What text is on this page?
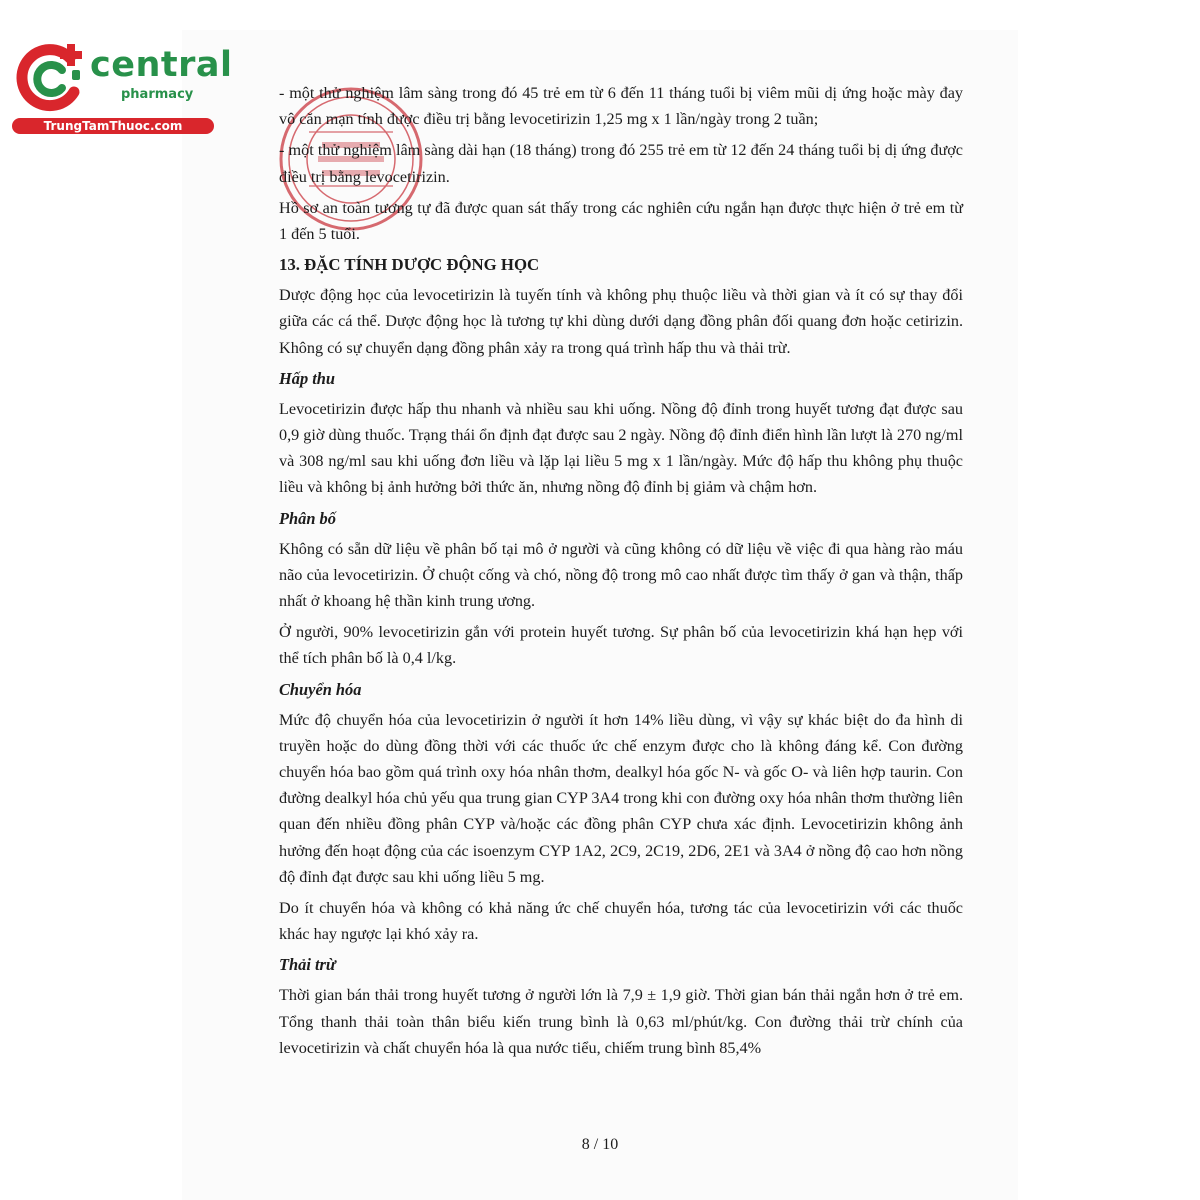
central
pharmacy
TrungTamThuoc.com

- một thử nghiệm lâm sàng trong đó 45 trẻ em từ 6 đến 11 tháng tuổi bị viêm mũi dị ứng hoặc mày đay vô căn mạn tính được điều trị bằng levocetirizin 1,25 mg x 1 lần/ngày trong 2 tuần;

- một thử nghiệm lâm sàng dài hạn (18 tháng) trong đó 255 trẻ em từ 12 đến 24 tháng tuổi bị dị ứng được điều trị bằng levocetirizin.

Hồ sơ an toàn tương tự đã được quan sát thấy trong các nghiên cứu ngắn hạn được thực hiện ở trẻ em từ 1 đến 5 tuổi.

13. ĐẶC TÍNH DƯỢC ĐỘNG HỌC

Dược động học của levocetirizin là tuyến tính và không phụ thuộc liều và thời gian và ít có sự thay đổi giữa các cá thể. Dược động học là tương tự khi dùng dưới dạng đồng phân đối quang đơn hoặc cetirizin. Không có sự chuyển dạng đồng phân xảy ra trong quá trình hấp thu và thải trừ.

Hấp thu

Levocetirizin được hấp thu nhanh và nhiều sau khi uống. Nồng độ đỉnh trong huyết tương đạt được sau 0,9 giờ dùng thuốc. Trạng thái ổn định đạt được sau 2 ngày. Nồng độ đỉnh điển hình lần lượt là 270 ng/ml và 308 ng/ml sau khi uống đơn liều và lặp lại liều 5 mg x 1 lần/ngày. Mức độ hấp thu không phụ thuộc liều và không bị ảnh hưởng bởi thức ăn, nhưng nồng độ đỉnh bị giảm và chậm hơn.

Phân bố

Không có sẵn dữ liệu về phân bố tại mô ở người và cũng không có dữ liệu về việc đi qua hàng rào máu não của levocetirizin. Ở chuột cống và chó, nồng độ trong mô cao nhất được tìm thấy ở gan và thận, thấp nhất ở khoang hệ thần kinh trung ương.

Ở người, 90% levocetirizin gắn với protein huyết tương. Sự phân bố của levocetirizin khá hạn hẹp với thể tích phân bố là 0,4 l/kg.

Chuyển hóa

Mức độ chuyển hóa của levocetirizin ở người ít hơn 14% liều dùng, vì vậy sự khác biệt do đa hình di truyền hoặc do dùng đồng thời với các thuốc ức chế enzym được cho là không đáng kể. Con đường chuyển hóa bao gồm quá trình oxy hóa nhân thơm, dealkyl hóa gốc N- và gốc O- và liên hợp taurin. Con đường dealkyl hóa chủ yếu qua trung gian CYP 3A4 trong khi con đường oxy hóa nhân thơm thường liên quan đến nhiều đồng phân CYP và/hoặc các đồng phân CYP chưa xác định. Levocetirizin không ảnh hưởng đến hoạt động của các isoenzym CYP 1A2, 2C9, 2C19, 2D6, 2E1 và 3A4 ở nồng độ cao hơn nồng độ đỉnh đạt được sau khi uống liều 5 mg.

Do ít chuyển hóa và không có khả năng ức chế chuyển hóa, tương tác của levocetirizin với các thuốc khác hay ngược lại khó xảy ra.

Thải trừ

Thời gian bán thải trong huyết tương ở người lớn là 7,9 ± 1,9 giờ. Thời gian bán thải ngắn hơn ở trẻ em. Tổng thanh thải toàn thân biểu kiến trung bình là 0,63 ml/phút/kg. Con đường thải trừ chính của levocetirizin và chất chuyển hóa là qua nước tiểu, chiếm trung bình 85,4%

8 / 10
